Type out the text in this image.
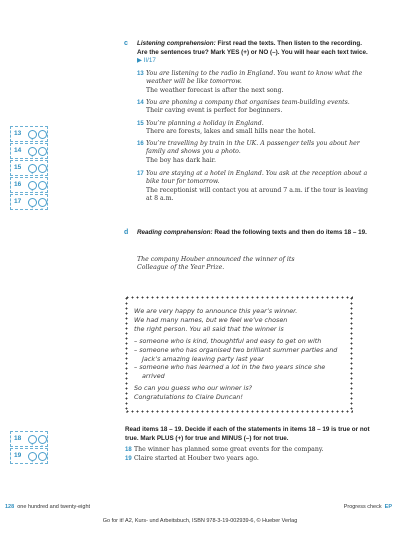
c Listening comprehension: First read the texts. Then listen to the recording. Are the sentences true? Mark YES (+) or NO (–). You will hear each text twice. ▶ II/17
13 You are listening to the radio in England. You want to know what the weather will be like tomorrow.
The weather forecast is after the next song.
14 You are phoning a company that organises team-building events.
Their caving event is perfect for beginners.
15 You’re planning a holiday in England.
There are forests, lakes and small hills near the hotel.
16 You’re travelling by train in the UK. A passenger tells you about her family and shows you a photo.
The boy has dark hair.
17 You are staying at a hotel in England. You ask at the reception about a bike tour for tomorrow.
The receptionist will contact you at around 7 a.m. if the tour is leaving at 8 a.m.
13
+ –
14
+ –
15
+ –
16
+ –
17
+ –
d Reading comprehension: Read the following texts and then do items 18 – 19.
The company Houber announced the winner of its Colleague of the Year Prize.
We are very happy to announce this year’s winner.
We had many names, but we feel we’ve chosen
the right person. You all said that the winner is
– someone who is kind, thoughtful and easy to get on with
– someone who has organised two brilliant summer parties and Jack’s amazing leaving party last year
– someone who has learned a lot in the two years since she arrived
So can you guess who our winner is?
Congratulations to Claire Duncan!
Read items 18 – 19. Decide if each of the statements in items 18 – 19 is true or not true. Mark PLUS (+) for true and MINUS (–) for not true.
18 The winner has planned some great events for the company.
19 Claire started at Houber two years ago.
18
+ –
19
+ –
128 one hundred and twenty-eight	Progress check EP
Go for it! A2, Kurs- und Arbeitsbuch, ISBN 978-3-19-002939-6, © Hueber Verlag
